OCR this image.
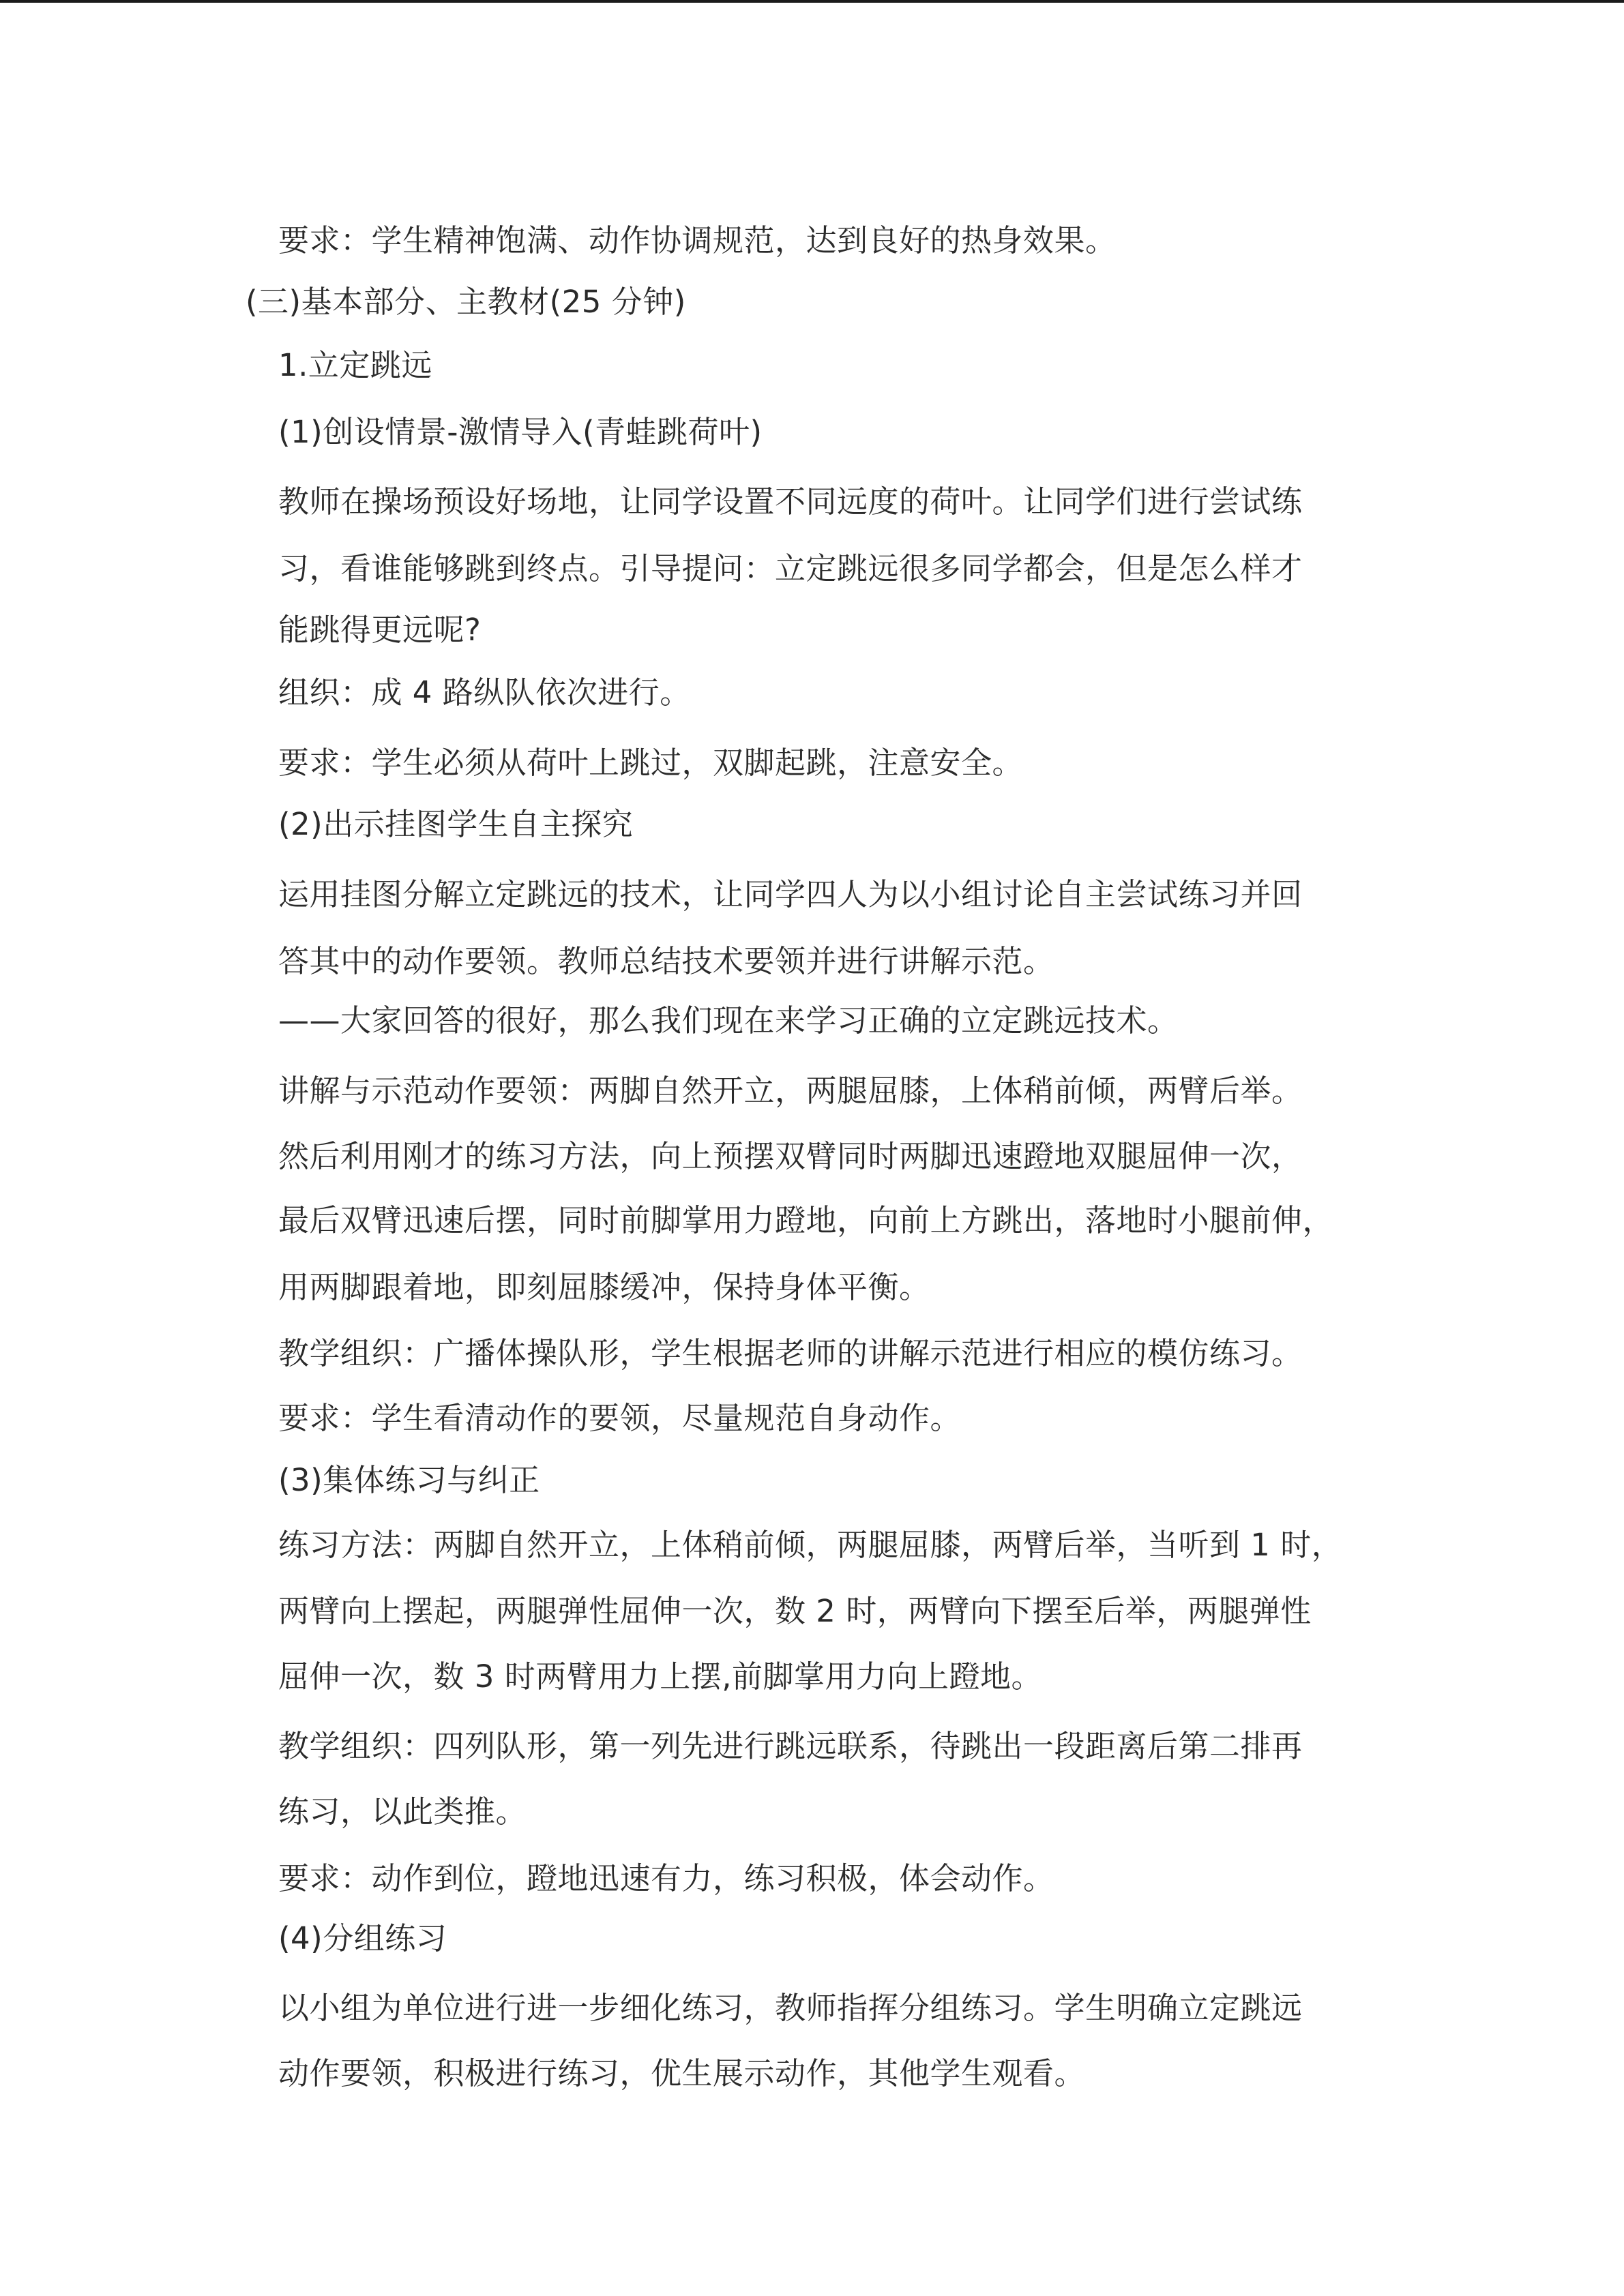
要求：学生精神饱满、动作协调规范，达到良好的热身效果。
(三)基本部分、主教材(25 分钟)
1.立定跳远
(1)创设情景-激情导入(青蛙跳荷叶)
教师在操场预设好场地，让同学设置不同远度的荷叶。让同学们进行尝试练
习，看谁能够跳到终点。引导提问：立定跳远很多同学都会，但是怎么样才
能跳得更远呢?
组织：成 4 路纵队依次进行。
要求：学生必须从荷叶上跳过，双脚起跳，注意安全。
(2)出示挂图学生自主探究
运用挂图分解立定跳远的技术，让同学四人为以小组讨论自主尝试练习并回
答其中的动作要领。教师总结技术要领并进行讲解示范。
——大家回答的很好，那么我们现在来学习正确的立定跳远技术。
讲解与示范动作要领：两脚自然开立，两腿屈膝，上体稍前倾，两臂后举。
然后利用刚才的练习方法，向上预摆双臂同时两脚迅速蹬地双腿屈伸一次，
最后双臂迅速后摆，同时前脚掌用力蹬地，向前上方跳出，落地时小腿前伸，
用两脚跟着地，即刻屈膝缓冲，保持身体平衡。
教学组织：广播体操队形，学生根据老师的讲解示范进行相应的模仿练习。
要求：学生看清动作的要领，尽量规范自身动作。
(3)集体练习与纠正
练习方法：两脚自然开立，上体稍前倾，两腿屈膝，两臂后举，当听到 1 时，
两臂向上摆起，两腿弹性屈伸一次，数 2 时，两臂向下摆至后举，两腿弹性
屈伸一次，数 3 时两臂用力上摆,前脚掌用力向上蹬地。
教学组织：四列队形，第一列先进行跳远联系，待跳出一段距离后第二排再
练习，以此类推。
要求：动作到位，蹬地迅速有力，练习积极，体会动作。
(4)分组练习
以小组为单位进行进一步细化练习，教师指挥分组练习。学生明确立定跳远
动作要领，积极进行练习，优生展示动作，其他学生观看。
